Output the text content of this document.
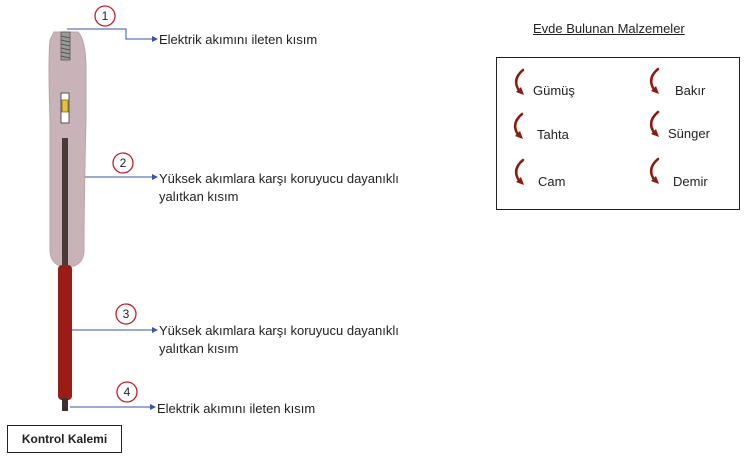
1
2
3
4
Elektrik akımını ileten kısım
Yüksek akımlara karşı koruyucu dayanıklı yalıtkan kısım
Yüksek akımlara karşı koruyucu dayanıklı yalıtkan kısım
Elektrik akımını ileten kısım
Kontrol Kalemi
Evde Bulunan Malzemeler
Gümüş	Bakır
Tahta	Sünger
Cam	Demir
